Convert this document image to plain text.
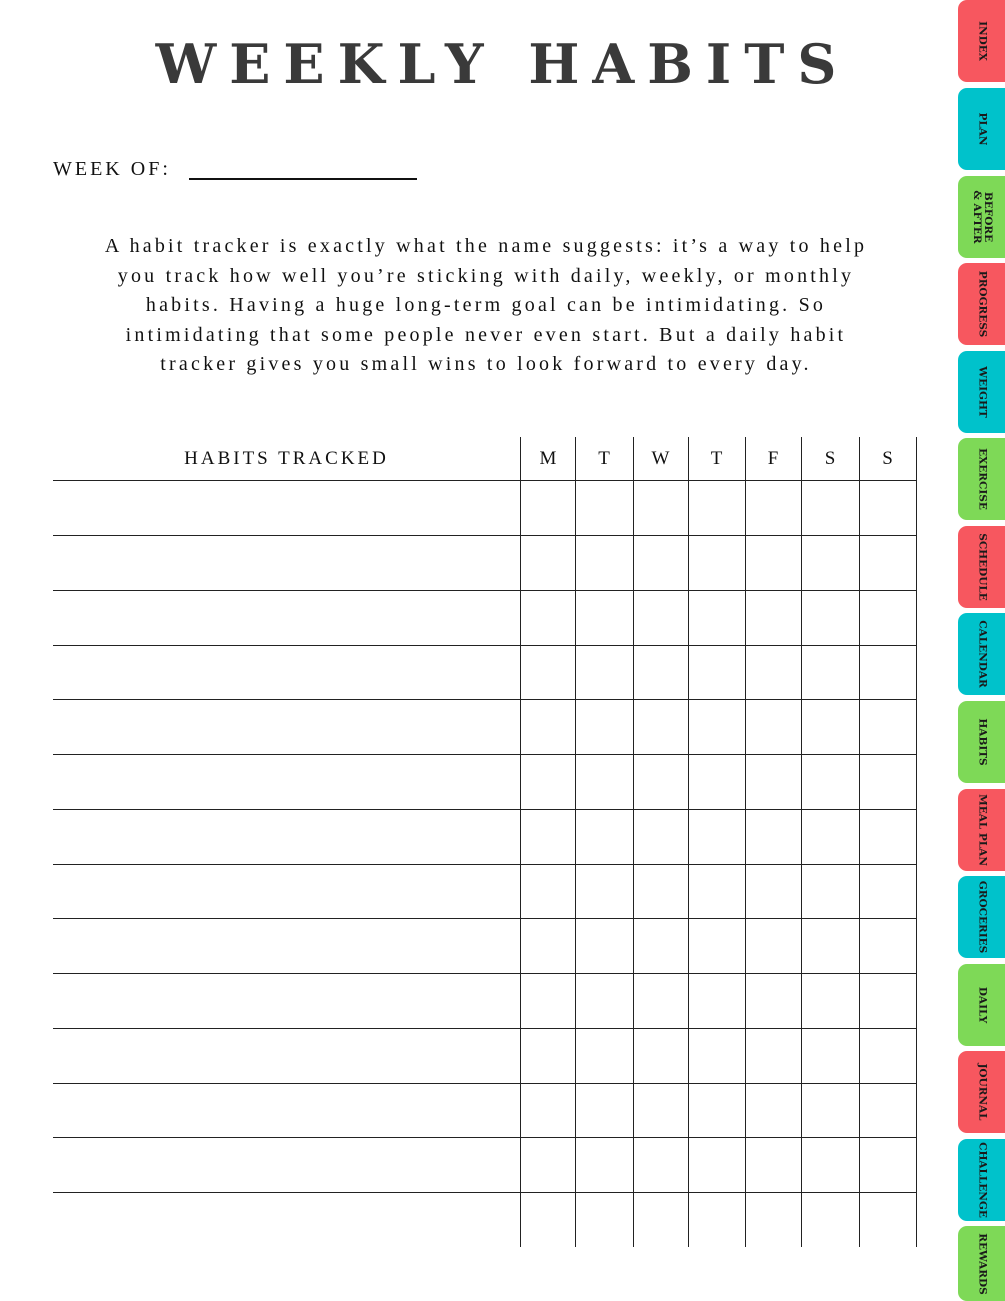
WEEKLY HABITS
WEEK OF:
A habit tracker is exactly what the name suggests: it’s a way to help
you track how well you’re sticking with daily, weekly, or monthly
habits. Having a huge long-term goal can be intimidating. So
intimidating that some people never even start. But a daily habit
tracker gives you small wins to look forward to every day.
HABITS TRACKED	M	T	W	T	F	S	S
INDEX
PLAN
BEFORE & AFTER
PROGRESS
WEIGHT
EXERCISE
SCHEDULE
CALENDAR
HABITS
MEAL PLAN
GROCERIES
DAILY
JOURNAL
CHALLENGE
REWARDS
